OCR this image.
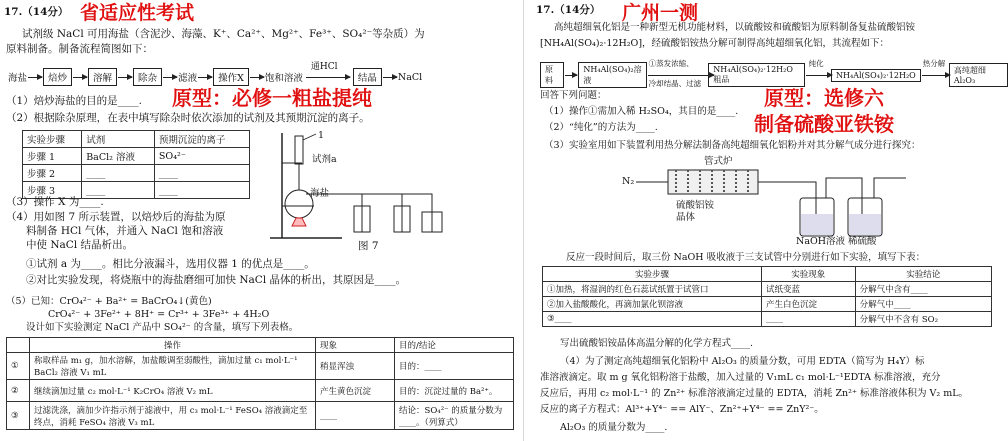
17.（14分） 省适应性考试
试剂级 NaCl 可用海盐（含泥沙、海藻、K⁺、Ca²⁺、Mg²⁺、Fe³⁺、SO₄²⁻等杂质）为
原料制备。制备流程简图如下：
海盐	焙炒	溶解	除杂	滤液	操作X	饱和溶液
通HCl
结晶	NaCl
（1）焙炒海盐的目的是____. 原型：必修一粗盐提纯
（2）根据除杂原理，在表中填写除杂时依次添加的试剂及其预期沉淀的离子。
实验步骤	试剂	预期沉淀的离子
步骤 1	BaCl₂ 溶液	SO₄²⁻
步骤 2	____	____
步骤 3	____	____
1
试剂a
海盐
图 7
（3）操作 X 为____.
（4）用如图 7 所示装置，以焙炒后的海盐为原
料制备 HCl 气体，并通入 NaCl 饱和溶液
中使 NaCl 结晶析出。
①试剂 a 为____。相比分液漏斗，选用仪器 1 的优点是____。
②对比实验发现，将烧瓶中的海盐磨细可加快 NaCl 晶体的析出，其原因是____。
（5）已知：CrO₄²⁻ + Ba²⁺ = BaCrO₄↓(黄色)
CrO₄²⁻ + 3Fe²⁺ + 8H⁺ = Cr³⁺ + 3Fe³⁺ + 4H₂O
设计如下实验测定 NaCl 产品中 SO₄²⁻ 的含量，填写下列表格。
	操作	现象	目的/结论
①	称取样品 m₁ g，加水溶解，加盐酸调至弱酸性，滴加过量 c₁ mol·L⁻¹ BaCl₂ 溶液 V₁ mL	稍显浑浊	目的：____
②	继续滴加过量 c₂ mol·L⁻¹ K₂CrO₄ 溶液 V₂ mL	产生黄色沉淀	目的：沉淀过量的 Ba²⁺。
③	过滤洗涤，滴加少许指示剂于滤液中，用 c₃ mol·L⁻¹ FeSO₄ 溶液滴定至终点，消耗 FeSO₄ 溶液 V₃ mL	____	结论：SO₄²⁻ 的质量分数为____。（列算式）
17.（14分） 广州一测
高纯超细氧化铝是一种新型无机功能材料，以硫酸铵和硫酸铝为原料制备复盐硫酸铝铵
[NH₄Al(SO₄)₂·12H₂O]，经硫酸铝铵热分解可制得高纯超细氧化铝，其流程如下：
原料
NH₄Al(SO₄)₂溶液
①蒸发浓缩、
冷却结晶、过滤
NH₄Al(SO₄)₂·12H₂O 粗品
纯化
NH₄Al(SO₄)₂·12H₂O
热分解
高纯超细 Al₂O₃
回答下列问题：	原型：选修六
制备硫酸亚铁铵
（1）操作①需加入稀 H₂SO₄，其目的是____.
（2）“纯化”的方法为____.
（3）实验室用如下装置利用热分解法制备高纯超细氧化铝粉并对其分解气成分进行探究：
管式炉
N₂
硫酸铝铵晶体
NaOH溶液 稀硫酸
反应一段时间后，取三份 NaOH 吸收液于三支试管中分别进行如下实验，填写下表：
实验步骤	实验现象	实验结论
①加热，将湿润的红色石蕊试纸置于试管口	试纸变蓝	分解气中含有____
②加入盐酸酸化，再滴加氯化钡溶液	产生白色沉淀	分解气中____
③____	____	分解气中不含有 SO₂
写出硫酸铝铵晶体高温分解的化学方程式____.
（4）为了测定高纯超细氧化铝粉中 Al₂O₃ 的质量分数，可用 EDTA（简写为 H₄Y）标
准溶液滴定。取 m g 氧化铝粉溶于盐酸，加入过量的 V₁mL c₁ mol·L⁻¹EDTA 标准溶液，充分
反应后，再用 c₂ mol·L⁻¹ 的 Zn²⁺ 标准溶液滴定过量的 EDTA，消耗 Zn²⁺ 标准溶液体积为 V₂ mL。
反应的离子方程式：Al³⁺+Y⁴⁻ == AlY⁻、Zn²⁺+Y⁴⁻ == ZnY²⁻。
Al₂O₃ 的质量分数为____.
